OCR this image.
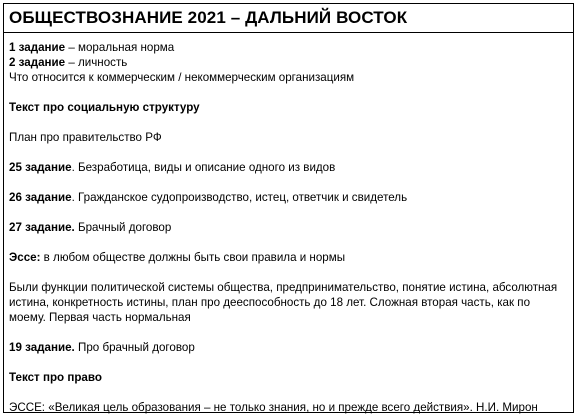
ОБЩЕСТВОЗНАНИЕ 2021 – ДАЛЬНИЙ ВОСТОК
1 задание – моральная норма
2 задание – личность
Что относится к коммерческим / некоммерческим организациям
Текст про социальную структуру
План про правительство РФ
25 задание. Безработица, виды и описание одного из видов
26 задание. Гражданское судопроизводство, истец, ответчик и свидетель
27 задание. Брачный договор
Эссе: в любом обществе должны быть свои правила и нормы
Были функции политической системы общества, предпринимательство, понятие истина, абсолютная истина, конкретность истины, план про дееспособность до 18 лет. Сложная вторая часть, как по моему. Первая часть нормальная
19 задание. Про брачный договор
Текст про право
ЭССЕ: «Великая цель образования – не только знания, но и прежде всего действия». Н.И. Мирон
